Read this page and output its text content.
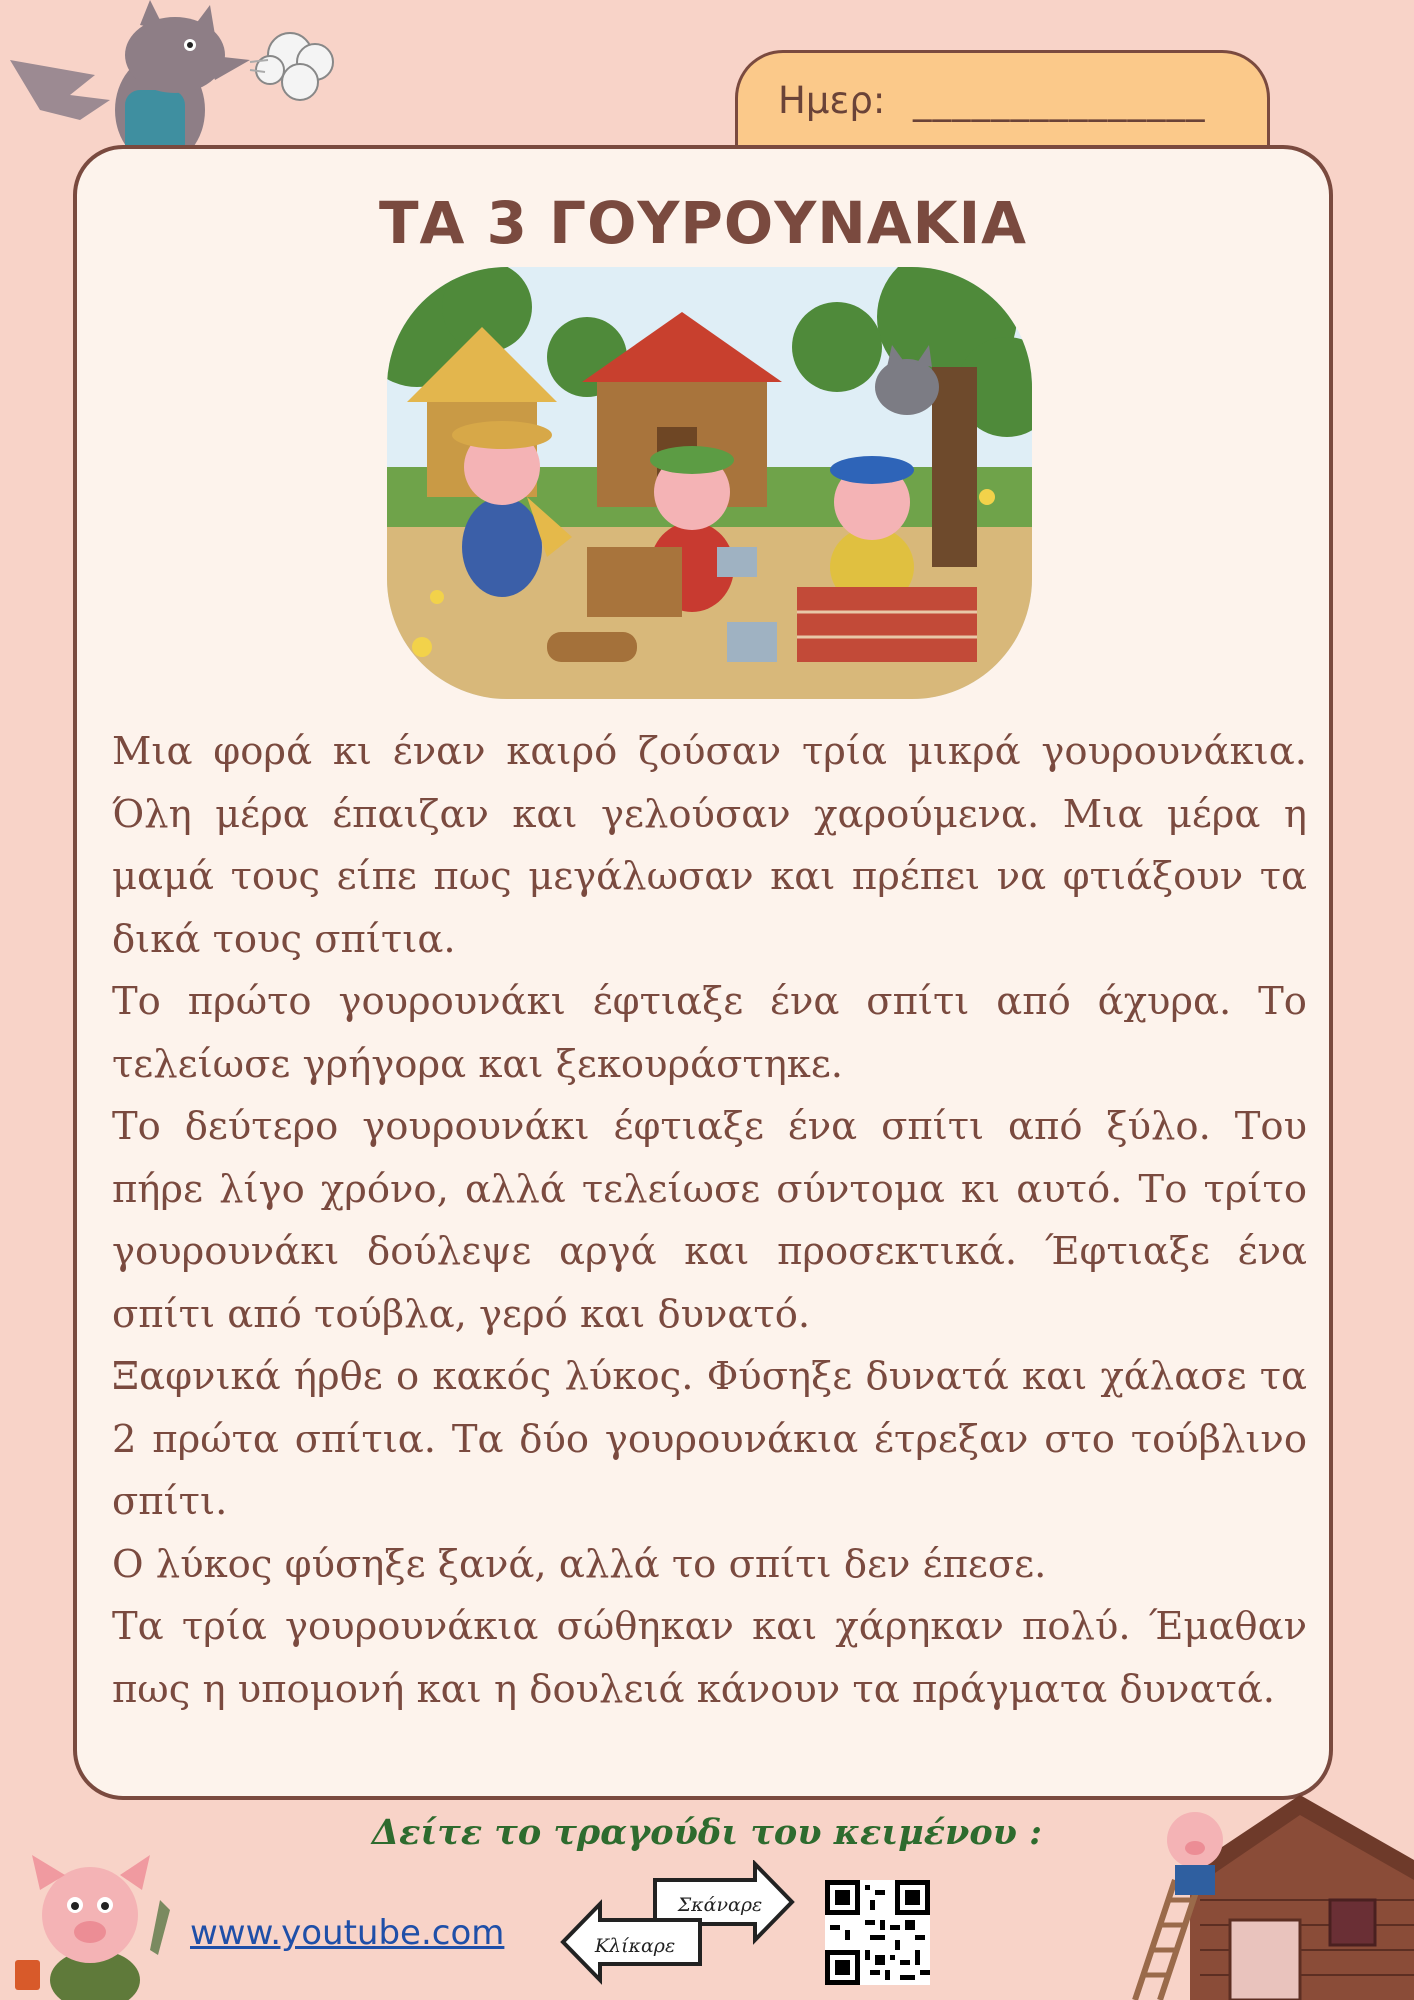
Ημερ: _______________
ΤΑ 3 ΓΟΥΡΟΥΝΑΚΙΑ

Μια φορά κι έναν καιρό ζούσαν τρία μικρά γουρουνάκια. Όλη μέρα έπαιζαν και γελούσαν χαρούμενα. Μια μέρα η μαμά τους είπε πως μεγάλωσαν και πρέπει να φτιάξουν τα δικά τους σπίτια.

Το πρώτο γουρουνάκι έφτιαξε ένα σπίτι από άχυρα. Το τελείωσε γρήγορα και ξεκουράστηκε.

Το δεύτερο γουρουνάκι έφτιαξε ένα σπίτι από ξύλο. Του πήρε λίγο χρόνο, αλλά τελείωσε σύντομα κι αυτό. Το τρίτο γουρουνάκι δούλεψε αργά και προσεκτικά. Έφτιαξε ένα σπίτι από τούβλα, γερό και δυνατό.

Ξαφνικά ήρθε ο κακός λύκος. Φύσηξε δυνατά και χάλασε τα 2 πρώτα σπίτια. Τα δύο γουρουνάκια έτρεξαν στο τούβλινο σπίτι.

Ο λύκος φύσηξε ξανά, αλλά το σπίτι δεν έπεσε.

Τα τρία γουρουνάκια σώθηκαν και χάρηκαν πολύ. Έμαθαν πως η υπομονή και η δουλειά κάνουν τα πράγματα δυνατά.

Δείτε το τραγούδι του κειμένου :
www.youtube.com
Σκάναρε
Κλίκαρε
